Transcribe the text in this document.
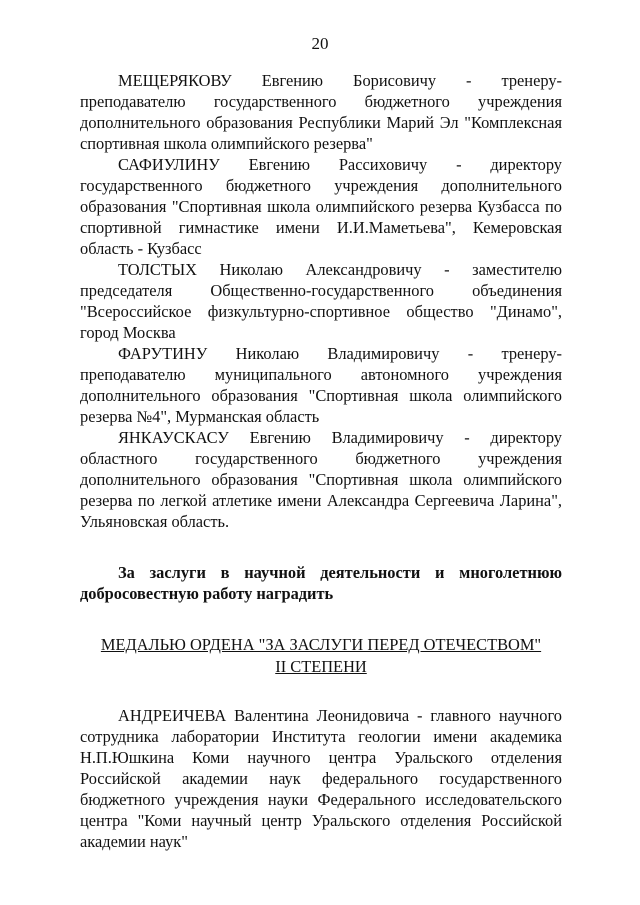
20

МЕЩЕРЯКОВУ Евгению Борисовичу - тренеру-преподавателю государственного бюджетного учреждения дополнительного образования Республики Марий Эл "Комплексная спортивная школа олимпийского резерва"

САФИУЛИНУ Евгению Рассиховичу - директору государственного бюджетного учреждения дополнительного образования "Спортивная школа олимпийского резерва Кузбасса по спортивной гимнастике имени И.И.Маметьева", Кемеровская область - Кузбасс

ТОЛСТЫХ Николаю Александровичу - заместителю председателя Общественно-государственного объединения "Всероссийское физкультурно-спортивное общество "Динамо", город Москва

ФАРУТИНУ Николаю Владимировичу - тренеру-преподавателю муниципального автономного учреждения дополнительного образования "Спортивная школа олимпийского резерва №4", Мурманская область

ЯНКАУСКАСУ Евгению Владимировичу - директору областного государственного бюджетного учреждения дополнительного образования "Спортивная школа олимпийского резерва по легкой атлетике имени Александра Сергеевича Ларина", Ульяновская область.

За заслуги в научной деятельности и многолетнюю добросовестную работу наградить

МЕДАЛЬЮ ОРДЕНА "ЗА ЗАСЛУГИ ПЕРЕД ОТЕЧЕСТВОМ"
II СТЕПЕНИ

АНДРЕИЧЕВА Валентина Леонидовича - главного научного сотрудника лаборатории Института геологии имени академика Н.П.Юшкина Коми научного центра Уральского отделения Российской академии наук федерального государственного бюджетного учреждения науки Федерального исследовательского центра "Коми научный центр Уральского отделения Российской академии наук"
